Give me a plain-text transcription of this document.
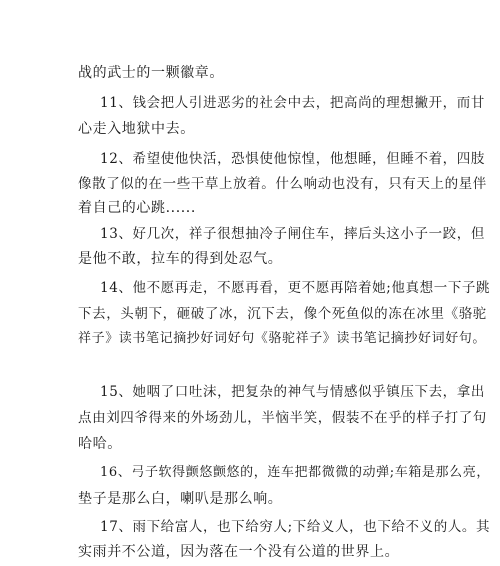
战的武士的一颗徽章。
11、钱会把人引进恶劣的社会中去，把高尚的理想撇开，而甘
心走入地狱中去。
12、希望使他快活，恐惧使他惊惶，他想睡，但睡不着，四肢
像散了似的在一些干草上放着。什么响动也没有，只有天上的星伴
着自己的心跳......
13、好几次，祥子很想抽冷子闸住车，摔后头这小子一跤，但
是他不敢，拉车的得到处忍气。
14、他不愿再走，不愿再看，更不愿再陪着她;他真想一下子跳
下去，头朝下，砸破了冰，沉下去，像个死鱼似的冻在冰里《骆驼
祥子》读书笔记摘抄好词好句《骆驼祥子》读书笔记摘抄好词好句。
15、她咽了口吐沫，把复杂的神气与情感似乎镇压下去，拿出
点由刘四爷得来的外场劲儿，半恼半笑，假装不在乎的样子打了句
哈哈。
16、弓子软得颤悠颤悠的，连车把都微微的动弹;车箱是那么亮，
垫子是那么白，喇叭是那么响。
17、雨下给富人，也下给穷人;下给义人，也下给不义的人。其
实雨并不公道，因为落在一个没有公道的世界上。
